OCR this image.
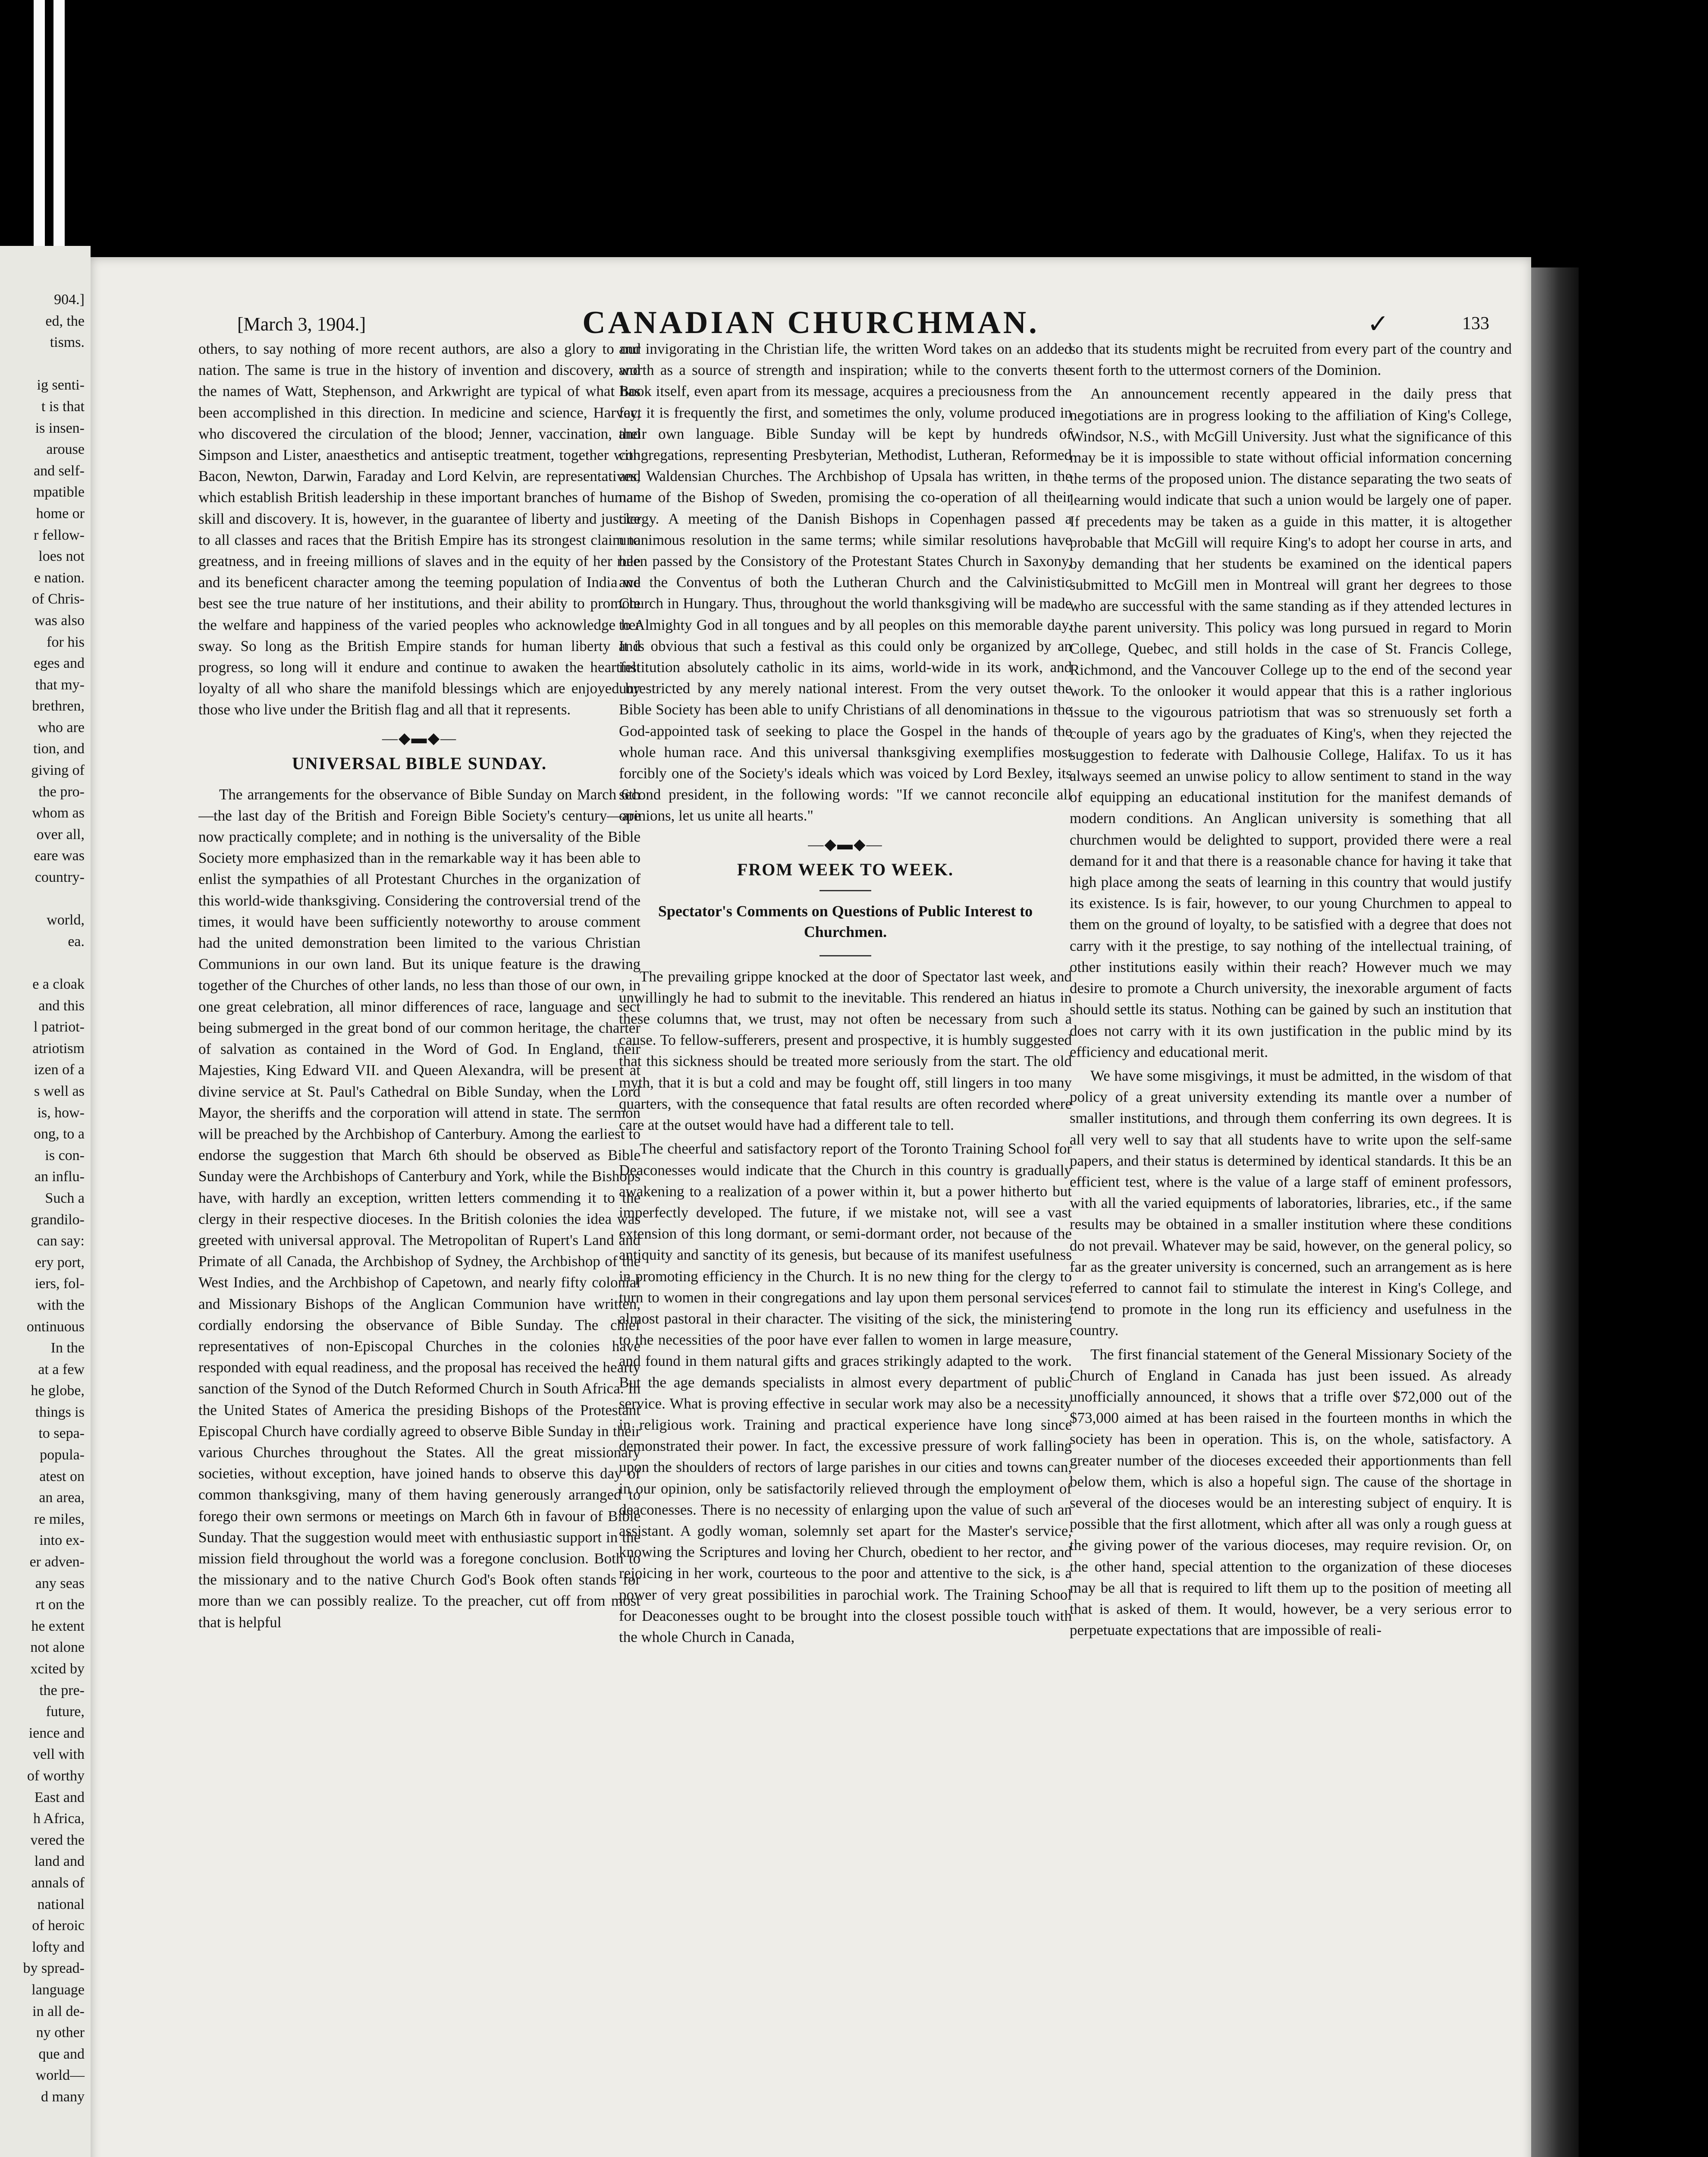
904.]

ed, the

tisms.

ig senti-

t is that

is insen-

arouse

and self-

mpatible

home or

r fellow-

loes not

e nation.

of Chris-

was also

for his

eges and

that my-

brethren,

who are

tion, and

giving of

the pro-

whom as

over all,

eare was

country-

world,

ea.

e a cloak

and this

l patriot-

atriotism

izen of a

s well as

is, how-

ong, to a

is con-

an influ-

Such a

grandilo-

can say:

ery port,

iers, fol-

with the

ontinuous

In the

at a few

he globe,

things is

to sepa-

popula-

atest on

an area,

re miles,

into ex-

er adven-

any seas

rt on the

he extent

not alone

xcited by

the pre-

future,

ience and

vell with

of worthy

East and

h Africa,

vered the

land and

annals of

national

of heroic

lofty and

by spread-

language

in all de-

ny other

que and

world—

d many

[March 3, 1904.]	CANADIAN CHURCHMAN.	✓	133

others, to say nothing of more recent authors, are also a glory to our nation. The same is true in the history of invention and discovery, and the names of Watt, Stephenson, and Arkwright are typical of what has been accomplished in this direction. In medicine and science, Harvey, who discovered the circulation of the blood; Jenner, vaccination, and Simpson and Lister, anaesthetics and antiseptic treatment, together with Bacon, Newton, Darwin, Faraday and Lord Kelvin, are representatives, which establish British leadership in these important branches of human skill and discovery. It is, however, in the guarantee of liberty and justice to all classes and races that the British Empire has its strongest claim to greatness, and in freeing millions of slaves and in the equity of her rule and its beneficent character among the teeming population of India we best see the true nature of her institutions, and their ability to promote the welfare and happiness of the varied peoples who acknowledge her sway. So long as the British Empire stands for human liberty and progress, so long will it endure and continue to awaken the heartfelt loyalty of all who share the manifold blessings which are enjoyed by those who live under the British flag and all that it represents.

—◆▬◆—
UNIVERSAL BIBLE SUNDAY.

The arrangements for the observance of Bible Sunday on March 6th—the last day of the British and Foreign Bible Society's century—are now practically complete; and in nothing is the universality of the Bible Society more emphasized than in the remarkable way it has been able to enlist the sympathies of all Protestant Churches in the organization of this world-wide thanksgiving. Considering the controversial trend of the times, it would have been sufficiently noteworthy to arouse comment had the united demonstration been limited to the various Christian Communions in our own land. But its unique feature is the drawing together of the Churches of other lands, no less than those of our own, in one great celebration, all minor differences of race, language and sect being submerged in the great bond of our common heritage, the charter of salvation as contained in the Word of God. In England, their Majesties, King Edward VII. and Queen Alexandra, will be present at divine service at St. Paul's Cathedral on Bible Sunday, when the Lord Mayor, the sheriffs and the corporation will attend in state. The sermon will be preached by the Archbishop of Canterbury. Among the earliest to endorse the suggestion that March 6th should be observed as Bible Sunday were the Archbishops of Canterbury and York, while the Bishops have, with hardly an exception, written letters commending it to the clergy in their respective dioceses. In the British colonies the idea was greeted with universal approval. The Metropolitan of Rupert's Land and Primate of all Canada, the Archbishop of Sydney, the Archbishop of the West Indies, and the Archbishop of Capetown, and nearly fifty colonial and Missionary Bishops of the Anglican Communion have written, cordially endorsing the observance of Bible Sunday. The chief representatives of non-Episcopal Churches in the colonies have responded with equal readiness, and the proposal has received the hearty sanction of the Synod of the Dutch Reformed Church in South Africa. In the United States of America the presiding Bishops of the Protestant Episcopal Church have cordially agreed to observe Bible Sunday in their various Churches throughout the States. All the great missionary societies, without exception, have joined hands to observe this day of common thanksgiving, many of them having generously arranged to forego their own sermons or meetings on March 6th in favour of Bible Sunday. That the suggestion would meet with enthusiastic support in the mission field throughout the world was a foregone conclusion. Both to the missionary and to the native Church God's Book often stands for more than we can possibly realize. To the preacher, cut off from most that is helpful

and invigorating in the Christian life, the written Word takes on an added worth as a source of strength and inspiration; while to the converts the Book itself, even apart from its message, acquires a preciousness from the fact it is frequently the first, and sometimes the only, volume produced in their own language. Bible Sunday will be kept by hundreds of congregations, representing Presbyterian, Methodist, Lutheran, Reformed and Waldensian Churches. The Archbishop of Upsala has written, in the name of the Bishop of Sweden, promising the co-operation of all their clergy. A meeting of the Danish Bishops in Copenhagen passed a unanimous resolution in the same terms; while similar resolutions have been passed by the Consistory of the Protestant States Church in Saxony, and the Conventus of both the Lutheran Church and the Calvinistic Church in Hungary. Thus, throughout the world thanksgiving will be made to Almighty God in all tongues and by all peoples on this memorable day. It is obvious that such a festival as this could only be organized by an institution absolutely catholic in its aims, world-wide in its work, and unrestricted by any merely national interest. From the very outset the Bible Society has been able to unify Christians of all denominations in the God-appointed task of seeking to place the Gospel in the hands of the whole human race. And this universal thanksgiving exemplifies most forcibly one of the Society's ideals which was voiced by Lord Bexley, its second president, in the following words: "If we cannot reconcile all opinions, let us unite all hearts."

—◆▬◆—
FROM WEEK TO WEEK.
Spectator's Comments on Questions of Public Interest to Churchmen.

The prevailing grippe knocked at the door of Spectator last week, and unwillingly he had to submit to the inevitable. This rendered an hiatus in these columns that, we trust, may not often be necessary from such a cause. To fellow-sufferers, present and prospective, it is humbly suggested that this sickness should be treated more seriously from the start. The old myth, that it is but a cold and may be fought off, still lingers in too many quarters, with the consequence that fatal results are often recorded where care at the outset would have had a different tale to tell.

The cheerful and satisfactory report of the Toronto Training School for Deaconesses would indicate that the Church in this country is gradually awakening to a realization of a power within it, but a power hitherto but imperfectly developed. The future, if we mistake not, will see a vast extension of this long dormant, or semi-dormant order, not because of the antiquity and sanctity of its genesis, but because of its manifest usefulness in promoting efficiency in the Church. It is no new thing for the clergy to turn to women in their congregations and lay upon them personal services almost pastoral in their character. The visiting of the sick, the ministering to the necessities of the poor have ever fallen to women in large measure, and found in them natural gifts and graces strikingly adapted to the work. But the age demands specialists in almost every department of public service. What is proving effective in secular work may also be a necessity in religious work. Training and practical experience have long since demonstrated their power. In fact, the excessive pressure of work falling upon the shoulders of rectors of large parishes in our cities and towns can, in our opinion, only be satisfactorily relieved through the employment of deaconesses. There is no necessity of enlarging upon the value of such an assistant. A godly woman, solemnly set apart for the Master's service, knowing the Scriptures and loving her Church, obedient to her rector, and rejoicing in her work, courteous to the poor and attentive to the sick, is a power of very great possibilities in parochial work. The Training School for Deaconesses ought to be brought into the closest possible touch with the whole Church in Canada,

so that its students might be recruited from every part of the country and sent forth to the uttermost corners of the Dominion.

An announcement recently appeared in the daily press that negotiations are in progress looking to the affiliation of King's College, Windsor, N.S., with McGill University. Just what the significance of this may be it is impossible to state without official information concerning the terms of the proposed union. The distance separating the two seats of learning would indicate that such a union would be largely one of paper. If precedents may be taken as a guide in this matter, it is altogether probable that McGill will require King's to adopt her course in arts, and by demanding that her students be examined on the identical papers submitted to McGill men in Montreal will grant her degrees to those who are successful with the same standing as if they attended lectures in the parent university. This policy was long pursued in regard to Morin College, Quebec, and still holds in the case of St. Francis College, Richmond, and the Vancouver College up to the end of the second year work. To the onlooker it would appear that this is a rather inglorious issue to the vigourous patriotism that was so strenuously set forth a couple of years ago by the graduates of King's, when they rejected the suggestion to federate with Dalhousie College, Halifax. To us it has always seemed an unwise policy to allow sentiment to stand in the way of equipping an educational institution for the manifest demands of modern conditions. An Anglican university is something that all churchmen would be delighted to support, provided there were a real demand for it and that there is a reasonable chance for having it take that high place among the seats of learning in this country that would justify its existence. Is is fair, however, to our young Churchmen to appeal to them on the ground of loyalty, to be satisfied with a degree that does not carry with it the prestige, to say nothing of the intellectual training, of other institutions easily within their reach? However much we may desire to promote a Church university, the inexorable argument of facts should settle its status. Nothing can be gained by such an institution that does not carry with it its own justification in the public mind by its efficiency and educational merit.

We have some misgivings, it must be admitted, in the wisdom of that policy of a great university extending its mantle over a number of smaller institutions, and through them conferring its own degrees. It is all very well to say that all students have to write upon the self-same papers, and their status is determined by identical standards. It this be an efficient test, where is the value of a large staff of eminent professors, with all the varied equipments of laboratories, libraries, etc., if the same results may be obtained in a smaller institution where these conditions do not prevail. Whatever may be said, however, on the general policy, so far as the greater university is concerned, such an arrangement as is here referred to cannot fail to stimulate the interest in King's College, and tend to promote in the long run its efficiency and usefulness in the country.

The first financial statement of the General Missionary Society of the Church of England in Canada has just been issued. As already unofficially announced, it shows that a trifle over $72,000 out of the $73,000 aimed at has been raised in the fourteen months in which the society has been in operation. This is, on the whole, satisfactory. A greater number of the dioceses exceeded their apportionments than fell below them, which is also a hopeful sign. The cause of the shortage in several of the dioceses would be an interesting subject of enquiry. It is possible that the first allotment, which after all was only a rough guess at the giving power of the various dioceses, may require revision. Or, on the other hand, special attention to the organization of these dioceses may be all that is required to lift them up to the position of meeting all that is asked of them. It would, however, be a very serious error to perpetuate expectations that are impossible of reali-
